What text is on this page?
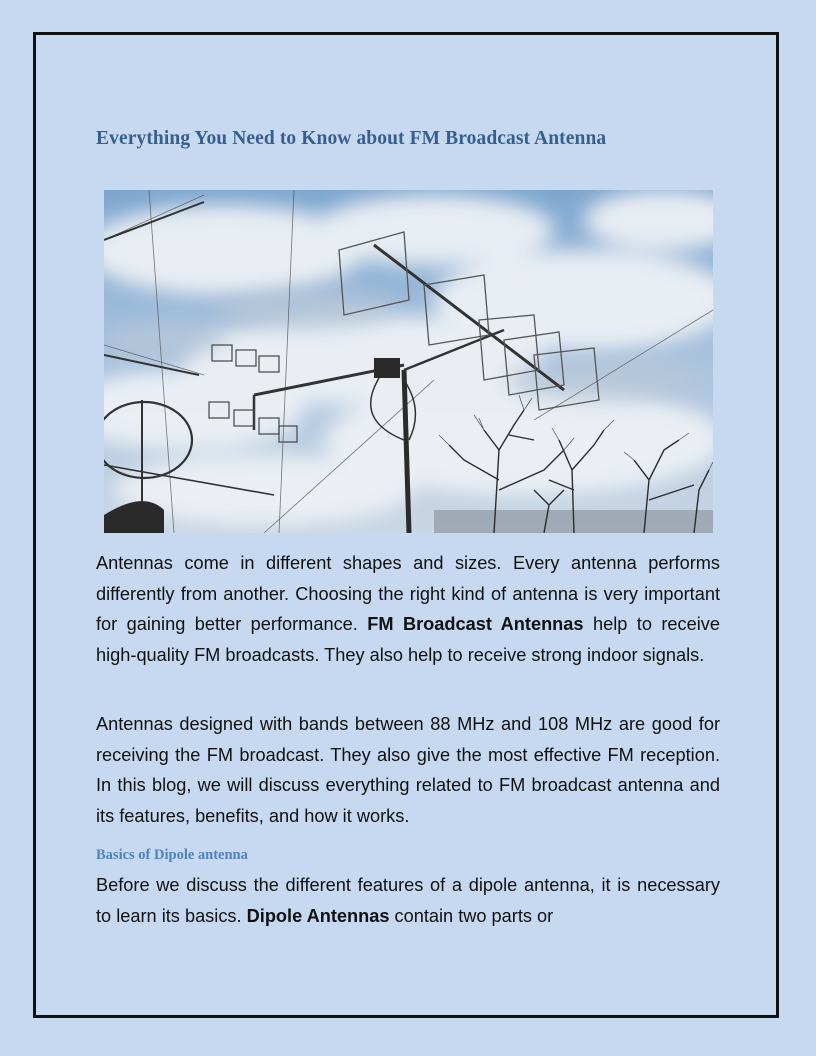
Everything You Need to Know about FM Broadcast Antenna

Antennas come in different shapes and sizes. Every antenna performs differently from another. Choosing the right kind of antenna is very important for gaining better performance. FM Broadcast Antennas help to receive high-quality FM broadcasts. They also help to receive strong indoor signals.

Antennas designed with bands between 88 MHz and 108 MHz are good for receiving the FM broadcast. They also give the most effective FM reception. In this blog, we will discuss everything related to FM broadcast antenna and its features, benefits, and how it works.

Basics of Dipole antenna

Before we discuss the different features of a dipole antenna, it is necessary to learn its basics. Dipole Antennas contain two parts or
